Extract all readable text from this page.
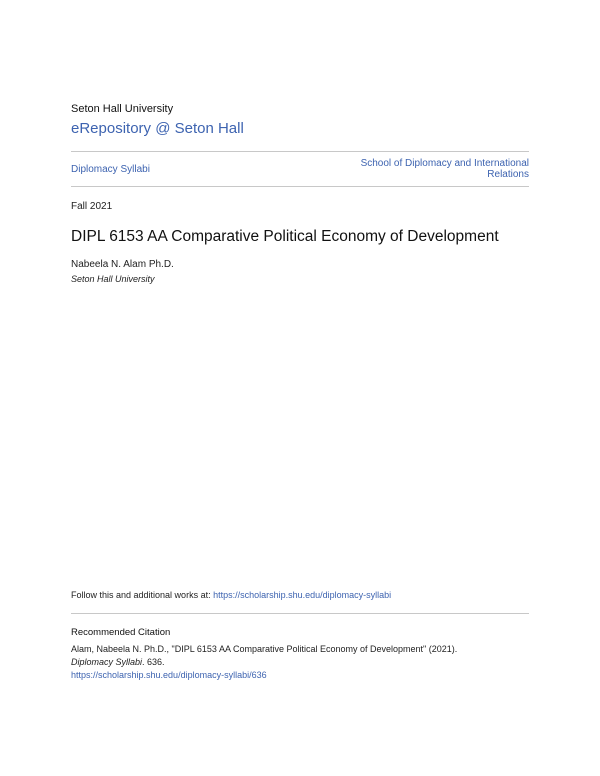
Seton Hall University
eRepository @ Seton Hall
Diplomacy Syllabi
School of Diplomacy and International Relations
Fall 2021
DIPL 6153 AA Comparative Political Economy of Development
Nabeela N. Alam Ph.D.
Seton Hall University
Follow this and additional works at: https://scholarship.shu.edu/diplomacy-syllabi
Recommended Citation
Alam, Nabeela N. Ph.D., "DIPL 6153 AA Comparative Political Economy of Development" (2021).
Diplomacy Syllabi. 636.
https://scholarship.shu.edu/diplomacy-syllabi/636
